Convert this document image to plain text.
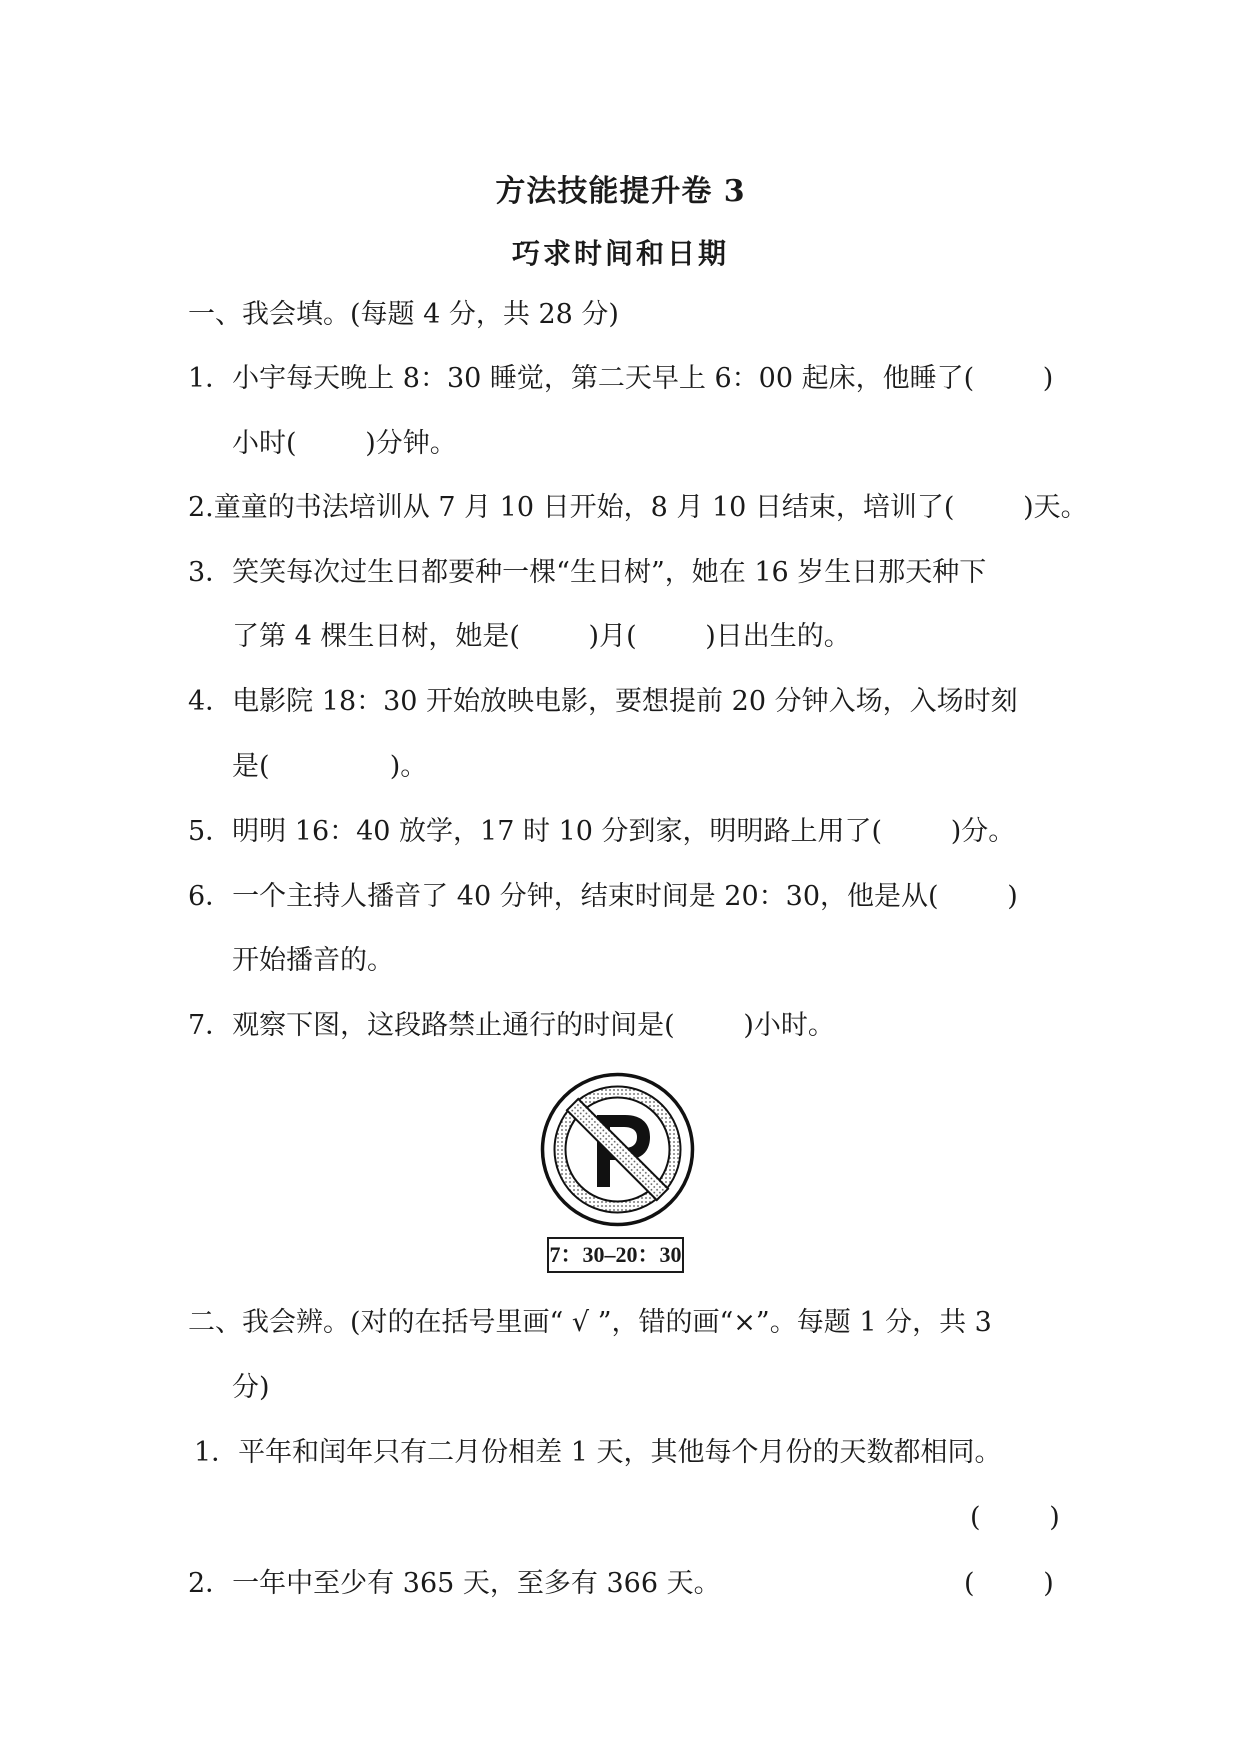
方法技能提升卷 3
巧求时间和日期
一、我会填。(每题 4 分，共 28 分)
1．小宇每天晚上 8：30 睡觉，第二天早上 6：00 起床，他睡了(        )
小时(        )分钟。
2.童童的书法培训从 7 月 10 日开始，8 月 10 日结束，培训了(        )天。
3．笑笑每次过生日都要种一棵“生日树”，她在 16 岁生日那天种下
了第 4 棵生日树，她是(        )月(        )日出生的。
4．电影院 18：30 开始放映电影，要想提前 20 分钟入场，入场时刻
是(              )。
5．明明 16：40 放学，17 时 10 分到家，明明路上用了(        )分。
6．一个主持人播音了 40 分钟，结束时间是 20：30，他是从(        )
开始播音的。
7．观察下图，这段路禁止通行的时间是(        )小时。
7：30–20：30
二、我会辨。(对的在括号里画“ √ ”，错的画“×”。每题 1 分，共 3
分)
1．平年和闰年只有二月份相差 1 天，其他每个月份的天数都相同。
(        )
2．一年中至少有 365 天，至多有 366 天。	(        )
